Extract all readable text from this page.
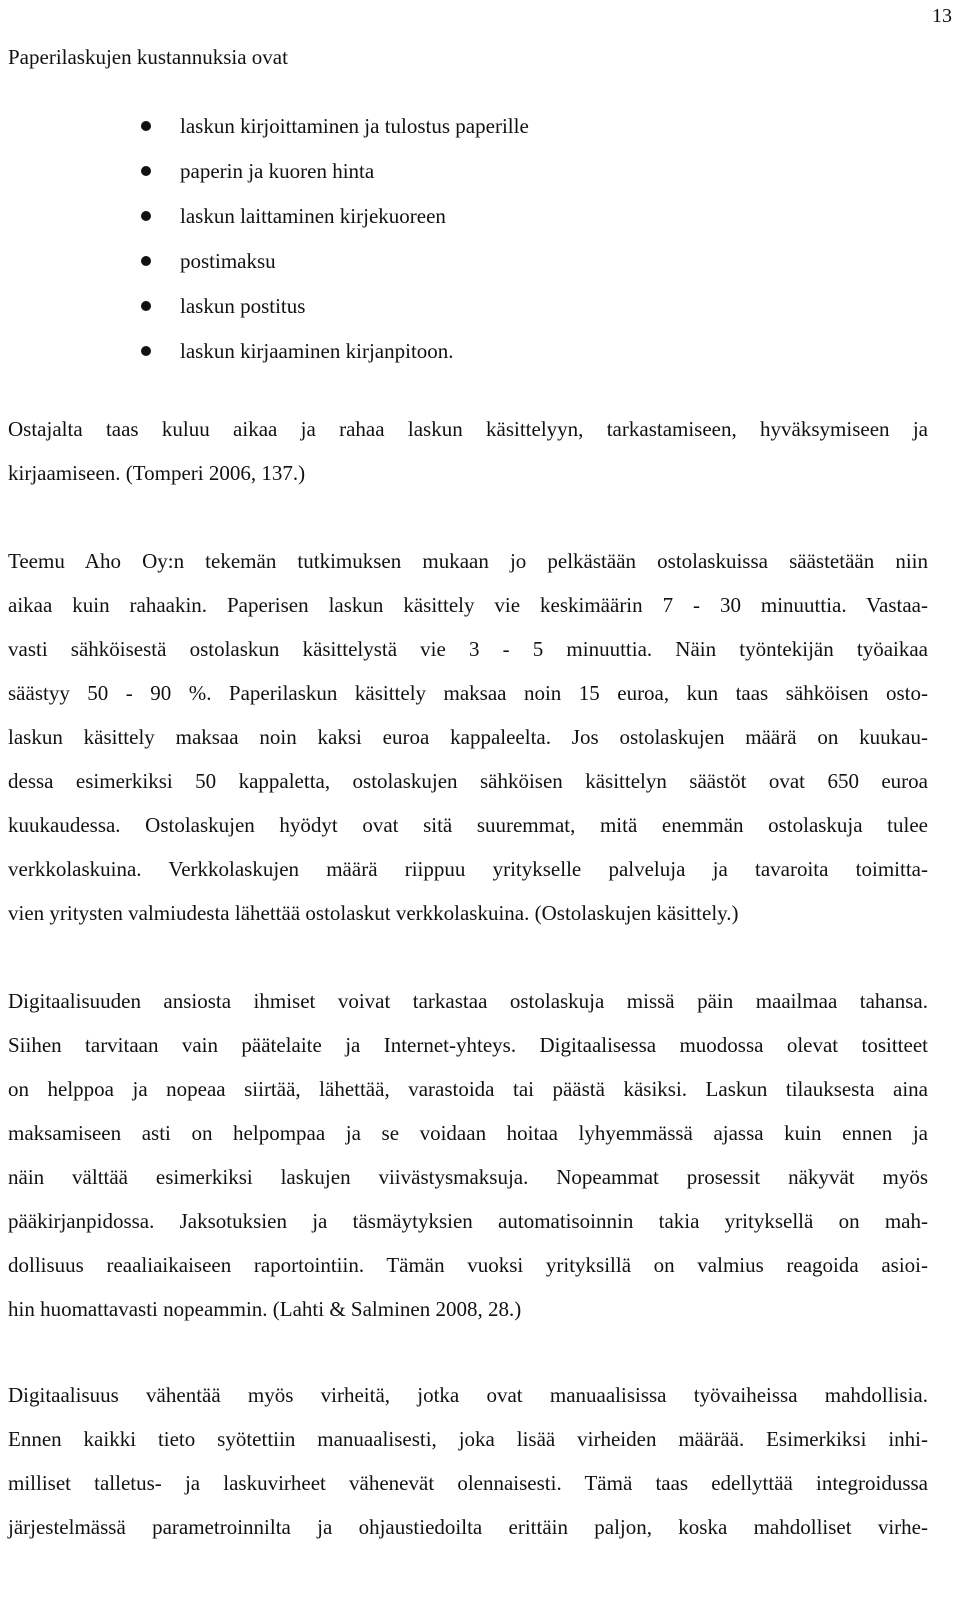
13

Paperilaskujen kustannuksia ovat

laskun kirjoittaminen ja tulostus paperille
paperin ja kuoren hinta
laskun laittaminen kirjekuoreen
postimaksu
laskun postitus
laskun kirjaaminen kirjanpitoon.

Ostajalta taas kuluu aikaa ja rahaa laskun käsittelyyn, tarkastamiseen, hyväksymiseen ja
kirjaamiseen. (Tomperi 2006, 137.)

Teemu Aho Oy:n tekemän tutkimuksen mukaan jo pelkästään ostolaskuissa säästetään niin
aikaa kuin rahaakin. Paperisen laskun käsittely vie keskimäärin 7 - 30 minuuttia. Vastaa-
vasti sähköisestä ostolaskun käsittelystä vie 3 - 5 minuuttia. Näin työntekijän työaikaa
säästyy 50 - 90 %. Paperilaskun käsittely maksaa noin 15 euroa, kun taas sähköisen osto-
laskun käsittely maksaa noin kaksi euroa kappaleelta. Jos ostolaskujen määrä on kuukau-
dessa esimerkiksi 50 kappaletta, ostolaskujen sähköisen käsittelyn säästöt ovat 650 euroa
kuukaudessa. Ostolaskujen hyödyt ovat sitä suuremmat, mitä enemmän ostolaskuja tulee
verkkolaskuina. Verkkolaskujen määrä riippuu yritykselle palveluja ja tavaroita toimitta-
vien yritysten valmiudesta lähettää ostolaskut verkkolaskuina. (Ostolaskujen käsittely.)

Digitaalisuuden ansiosta ihmiset voivat tarkastaa ostolaskuja missä päin maailmaa tahansa.
Siihen tarvitaan vain päätelaite ja Internet-yhteys. Digitaalisessa muodossa olevat tositteet
on helppoa ja nopeaa siirtää, lähettää, varastoida tai päästä käsiksi. Laskun tilauksesta aina
maksamiseen asti on helpompaa ja se voidaan hoitaa lyhyemmässä ajassa kuin ennen ja
näin välttää esimerkiksi laskujen viivästysmaksuja. Nopeammat prosessit näkyvät myös
pääkirjanpidossa. Jaksotuksien ja täsmäytyksien automatisoinnin takia yrityksellä on mah-
dollisuus reaaliaikaiseen raportointiin. Tämän vuoksi yrityksillä on valmius reagoida asioi-
hin huomattavasti nopeammin. (Lahti & Salminen 2008, 28.)

Digitaalisuus vähentää myös virheitä, jotka ovat manuaalisissa työvaiheissa mahdollisia.
Ennen kaikki tieto syötettiin manuaalisesti, joka lisää virheiden määrää. Esimerkiksi inhi-
milliset talletus- ja laskuvirheet vähenevät olennaisesti. Tämä taas edellyttää integroidussa
järjestelmässä parametroinnilta ja ohjaustiedoilta erittäin paljon, koska mahdolliset virhe-
